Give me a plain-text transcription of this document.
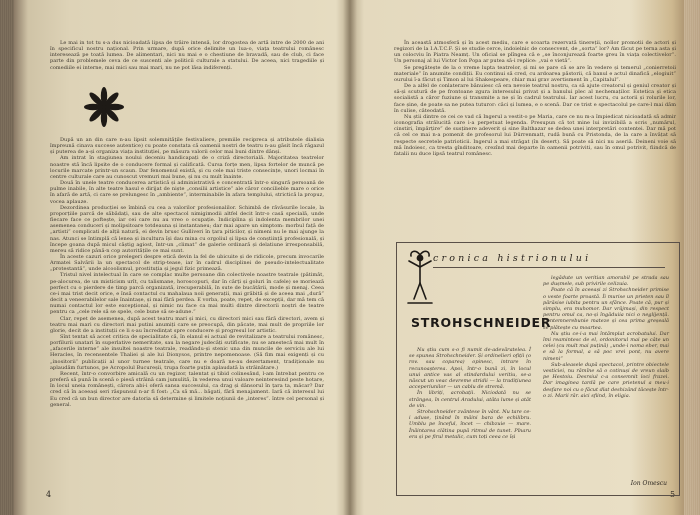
Le mai in tot tu s-a dus nicioadată lipsa de trăire intensă, lor drogostea de artă intre de 2000 de ani în specificul nostru național. Prin urmare, după orice delimite un lua-o, viața teatrului românesc interesează pe toată lumea. De alimentari, nici nu mai e o chestiune de bravadă, sau de club, ci face parte din problemele ceva de ce suscenti ale politicii culturale a statului. De aceea, nici tragediile și comediile ei interne, mai mici sau mai mari, nu ne pot lăsa indiferenți.

După un an din care n-au lipsit solemnitățile festivaliere, premiile recipreca și atributele dialisia împreună cinava succese autentice) cu poate constata că oamenii nostri de teatru n-au găsit încă răgazul și puterea de a-și organiza viața instituției, pe măsura valorii celor mai buni dintre dânși.

Am intrat în stagiunea noului deceniu handicapați de o criză directorială. Majoritatea teatrelor noastre stă încă lipsite de o conducere formal și calificată. Cursa forțe men, lipsa fortelor de muncă pe locurile marcate printr-un scaun. Dar fenomenul există, și cu cele mai triste consecințe, unori locmai în centre culturale care au cunoscut vremuri mai bune, și nu cu mult înainte.

Două în unele teatre conducerea artistică și administrativă e concentrată într-o singură persoană de pulme inabile, în alte teatre hasul e dirijat de niște „consilii artistice” ale căror concilieble mare o orice în afară de artă, ci care se prelungesc în „ambiente”, interminabile în afara templului, strictică la propuz, vocea aplauze.

Dezordinea producției se îmbină cu cea a valorilor profesionalilor. Schimbă de răvăsurile locale, la proporțiile parcă de săbădați, sau de alte spectacol nimigimodii altfel decit într-o casă specială, unde fiecare face ce poftește, iar cei care nu au vreo o ocupație. Indiciplina și indolenta membrilor unei asemenea conduceri și molipsitoare totdeauna și instantaneu; dar mai apare un simptom: morbul față de „artisti” complicati de alții natură, ei devin brusc Gulliveri în țara piticilor, și nimeni nu le mai ajunge la nas. Atunci se întimplă că lenea și incultura își dau mina cu orgoliul și lipsa de conștiință profesională, și începe goana după micul câștig agiost, într-un „climat” de galerie ordinară și delatiune irresponsabilă, mereu să ridice până-n cop autoritățile ce mai sunt.

În aceste cazuri orice prelegeri despre etică devin la fel de ubicuite și de ridicole, precum invocarile Armatei Salvării la un spectacol de strip-tease, iar în cadrul disciplinei de pseudo-intelectualitate „protestantă”, unde alcoolismul, prostituția și jegul fizic primează.

Tristul nivel intelectual în care se complac multe persoane din colectivele noastre teatrale (pătimât, pe-alocurea, de un misticism urît, cu talismane, horoscopuri, dar în cărți și goluri în cafele) se moriează perfect cu o pierdere de timp parcă organizată, irecuperabilă, în sute de bucătării, mode și menaj. Ceea ce-i mai trist decit orice, e însă contactul cu mahalaua noii generații, mai grăbită și de aceea mai „dură” decit a veneerabilelor sale înaintașe, și mai fără perdea. E vorba, poate, repet, de excepții, dar mă tem că numai contactul lor este excepțional, și nimic nu face ca mai multi dintre directorii noștri de teatre pentru ca „cele rele să se spele, cele bune să se-adune.”

Clar, repet de asemenea, după acest teatru mari și mici, cu directori mici sau fără directori, avem și teatru mai mari cu directori mai putini anumiți care se preocupă, din păcate, mai mult de propriile lor glorie, decit de a instituții ce li s-au încredințat spre conducere și progresul lor artistic.

Sînt tentat să accet critica de specialitate că, în elanul ei actual de revitalizare a teatrului românesc, porfilurii unatari în superlative nemeritate, sau la negare judecăți sutificate, nu se amestecă mai mult în „afacerile interne” ale insultei noastre teatrale, readându-și stenic una din muncile de serviciu ale lui Heracles, în recensentele Thaliei și ale lui Dionysos, printre nepomenoase. (Să fim mai exigenți și cu „inositorii” publicații al unor turnee teatrale, care nu e doară ne-au dezertament, tradiționale nu aplaudăm furtunos, pe Acropolul Bucureșii, trupa foarte puțin aplaudată la străinătare.)

Recent, într-o convorbire amicală cu un regizor, talentat și tibid colinesând, l-am întrebat pentru ce preferă să pună în scenă o piesă străină cam jumulită, în vederea unui valoare neinteresind peste hotare, în locul uneia românești, cărora abi-i oferă sansa succesului, ca drag și dânsorul în țara ta, măcar? Dar cred că în aceeași seri răspunsul n-ar fi fost: „Ca să mă... băgati, fără menajament. Iară că interesul lui Eu cred că un bun director are datoria să determine și limitele noțiunii de „interes”. între cel personal și general.

4

În această atmosferă și în acest mediu, care e scoarta rezervată tinereții, nollor promotii de actori și regizori de la I.A.T.C.F. Și se studie cerce, indoielnic de consecvent, de „sorta” lor? Am făcut pe terna asta și un colocviu în Piatra Neamț. Un oficial se plîngea că e „se înconjurează foarte greu în viața colectivelor”. Un personaj al lui Victor Ion Popa ar putea să-i replice: „vai e vietă”.

Se pregătește de la o vreme lupta teatrelor, și mi se pare că se are în vedere și temerul „conierretoii materiale” în anumite condiții. Eu continui să cred, cu ardoarea păstorii, că banul e actul dinafică „elogiuit” ourului î-a făcut și Timon al lui Shakespeare, chiar mai grav avertisment în „Capitalul”.

De a alfel de conlaterare bănuiesc că era nevoie teatrul nostru, ca să ajute creatorul și geniul creator și să-și scutură de pe frontoane zgura interesului privat și a banului plec al nechemaților. Estetica și etica socialistă a căror fuziune și transmite a ne și în cadrul teatrului. Iar acest lucru, cu actorii și rolurile lor, face șine, de poate sa ne putea tuturor: căci și lumea, e o scenă. Dar ce trist e spectacolul pe care-l mai dăm în culise, câteodată.

Nu știi dintre ce cei ce vad că Ingerul a vestit-o pe Maria, care ce nu m-a împiedicat nicioadată să admir iconografia strălucită care i-a perpetuat legenda. Presupun că tot mine lui invizibilă a scris „numărul, cinstiri, împărțire” de susținere adeverit și sine Balthazar se dedea unei interpretări contentei. Dar mă pot că cel ce mai n-a pomenit de profesorul lui Dürrenmatt, rudă bună cu Pristonda, de la care a învățat să respecte secretele patrioticii. Ingerul a mai străgat (în desert). Să poate să nici nu aseriă. Deineni voie să mă îndoiesc, ca tresta gînditoare, crezînd mai departe în oamenii potriviti, sau în omul potrivit, fiindcă de fatalii nu duce lipsă teatrul românesc.

5
cronica histrionului
STROHSCHNEIDER

Nu știu cum s-o fi numit de-adevăratelea. Î se spunea Strohschneider. Și ordinelieri ofiții (o rov. sau coparea) opinesc, intrare în recunoașterea. Apoi, într-o bună zi, în locul unui antice vas al stindardului veritiu, se-a născut un veac devreme stridii — la tradițiunea acceperiunilor — un cablu de stremă.

În libriți, acrobații. Niciodată nu se strângea, în centrul Aradului, atâta lume și atât de vin.

Strohschneider zvântese în vânt. Nu tare ce-i aduse, ținând în mâini bara de echilibru. Umblu pe înceful, încet — chibzuie — mare. Înăintarea clătina pupă ritmul de tunet. Pînaru era și pe firul metalic, cum toți ceea ce își

legădute un veritian amorabil pe strada sau pe dușmele, sub privirile celizuia.

Poate că în aceeași zi Strohschneider primise o veste foarte proastă. Îi murise un prieten sau îl părăsise iubita pentru un sfânce. Poate că, pur și simplu, era muhomor. Dar vrăjmași, din respect pentru omul ca, no-și îngăduiia nici o neglijență. Contemnerebunie mateze și cea prima greșeală se plătește cu moartea.

Nu știu ce-i-a mai întâmplat acrobatului. Dar îmi reamintesc de el, ordonitorul mai pe câte un celei (cu mult mai puțină) „unde-i noma eber, mai e să la formal, a să poc vrei pont, nu avere nimeni”

Sub-aleasele după spectacol, printre obiectele vesticiei, nu rămîne să o cotinuși de vreun slaib pe Hestoiu. Desrsiul c-a consemnit loci frazei. Dar imaginea tardă pe care prietenul a meu-i desfare noi cu o făcut dlat deshizând tăcește într-o zi. Marii răr. aici sfiind, în eligia.

Ion Omescu
